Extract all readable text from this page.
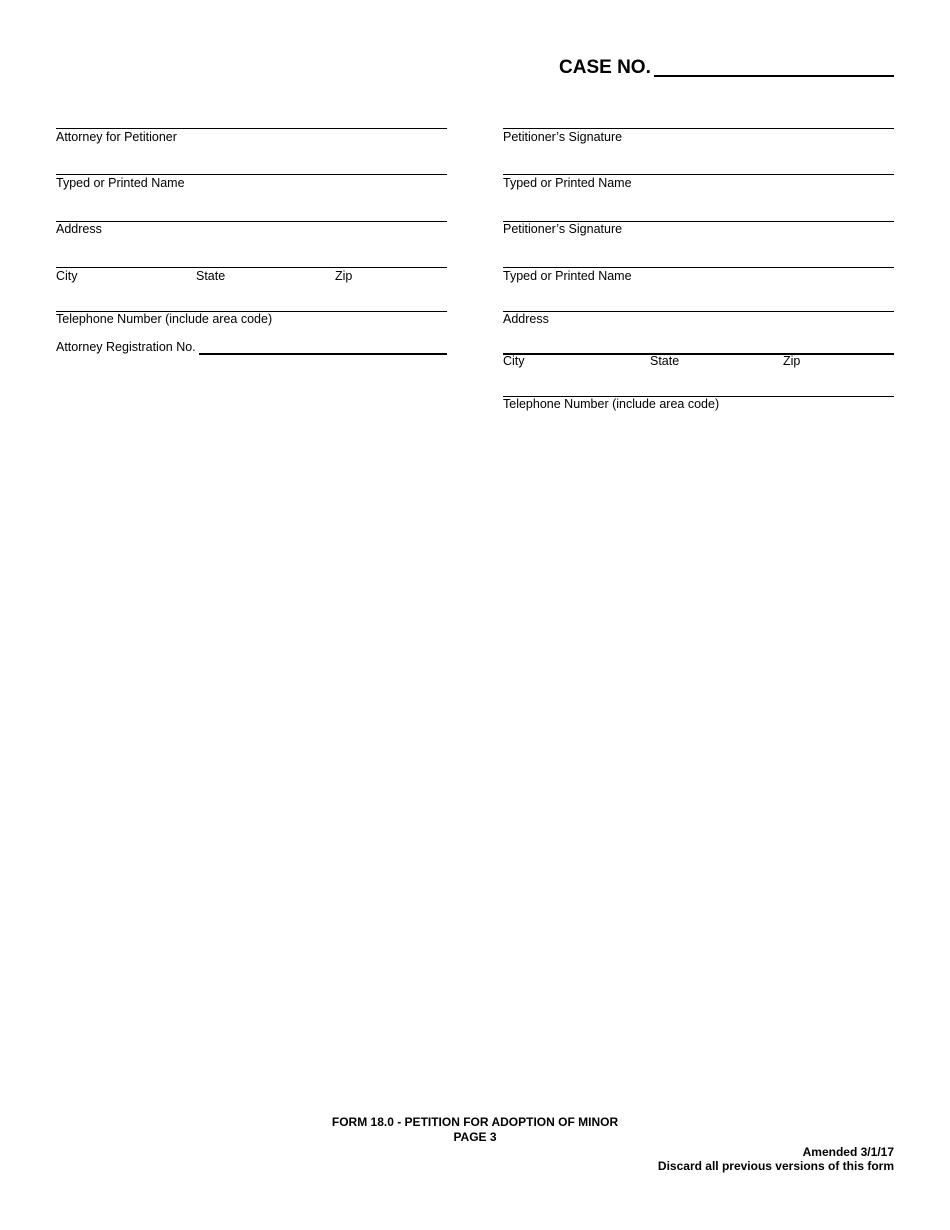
CASE NO.
Attorney for Petitioner
Typed or Printed Name
Address
City	State	Zip
Telephone Number (include area code)
Attorney Registration No.
Petitioner’s Signature
Typed or Printed Name
Petitioner’s Signature
Typed or Printed Name
Address
City	State	Zip
Telephone Number (include area code)
FORM 18.0 - PETITION FOR ADOPTION OF MINOR
PAGE 3
Amended 3/1/17
Discard all previous versions of this form
